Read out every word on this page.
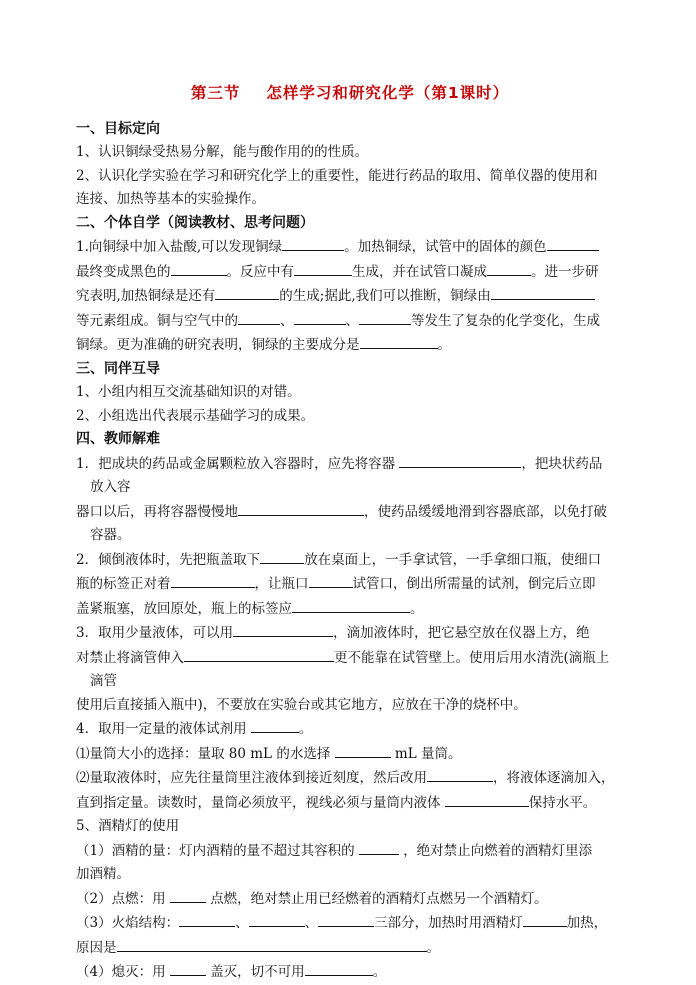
第三节 怎样学习和研究化学（第1课时）
一、目标定向
1、认识铜绿受热易分解，能与酸作用的的性质。
2、认识化学实验在学习和研究化学上的重要性，能进行药品的取用、简单仪器的使用和
连接、加热等基本的实验操作。
二、个体自学（阅读教材、思考问题）
1.向铜绿中加入盐酸,可以发现铜绿	。加热铜绿，试管中的固体的颜色
最终变成黑色的	。反应中有	生成，并在试管口凝成	。进一步研
究表明,加热铜绿是还有	的生成;据此,我们可以推断，铜绿由
等元素组成。铜与空气中的	、	、	等发生了复杂的化学变化，生成
铜绿。更为准确的研究表明，铜绿的主要成分是	。
三、同伴互导
1、小组内相互交流基础知识的对错。
2、小组选出代表展示基础学习的成果。
四、教师解难
1．把成块的药品或金属颗粒放入容器时，应先将容器	，把块状药品
放入容
器口以后，再将容器慢慢地	，使药品缓缓地滑到容器底部，以免打破
容器。
2．倾倒液体时，先把瓶盖取下	放在桌面上，一手拿试管，一手拿细口瓶，使细口
瓶的标签正对着	，让瓶口	试管口，倒出所需量的试剂，倒完后立即
盖紧瓶塞，放回原处，瓶上的标签应	。
3．取用少量液体，可以用	，滴加液体时，把它悬空放在仪器上方，绝
对禁止将滴管伸入	更不能靠在试管壁上。使用后用水清洗(滴瓶上
滴管
使用后直接插入瓶中)，不要放在实验台或其它地方，应放在干净的烧杯中。
4．取用一定量的液体试剂用	。
⑴量筒大小的选择：量取 80 mL 的水选择	mL 量筒。
⑵量取液体时，应先往量筒里注液体到接近刻度，然后改用	，将液体逐滴加入，
直到指定量。读数时，量筒必须放平，视线必须与量筒内液体	保持水平。
5、酒精灯的使用
（1）酒精的量：灯内酒精的量不超过其容积的	，绝对禁止向燃着的酒精灯里添
加酒精。
（2）点燃：用	点燃，绝对禁止用已经燃着的酒精灯点燃另一个酒精灯。
（3）火焰结构：	、	、	三部分，加热时用酒精灯	加热，
原因是	。
（4）熄灭：用	盖灭，切不可用	。
